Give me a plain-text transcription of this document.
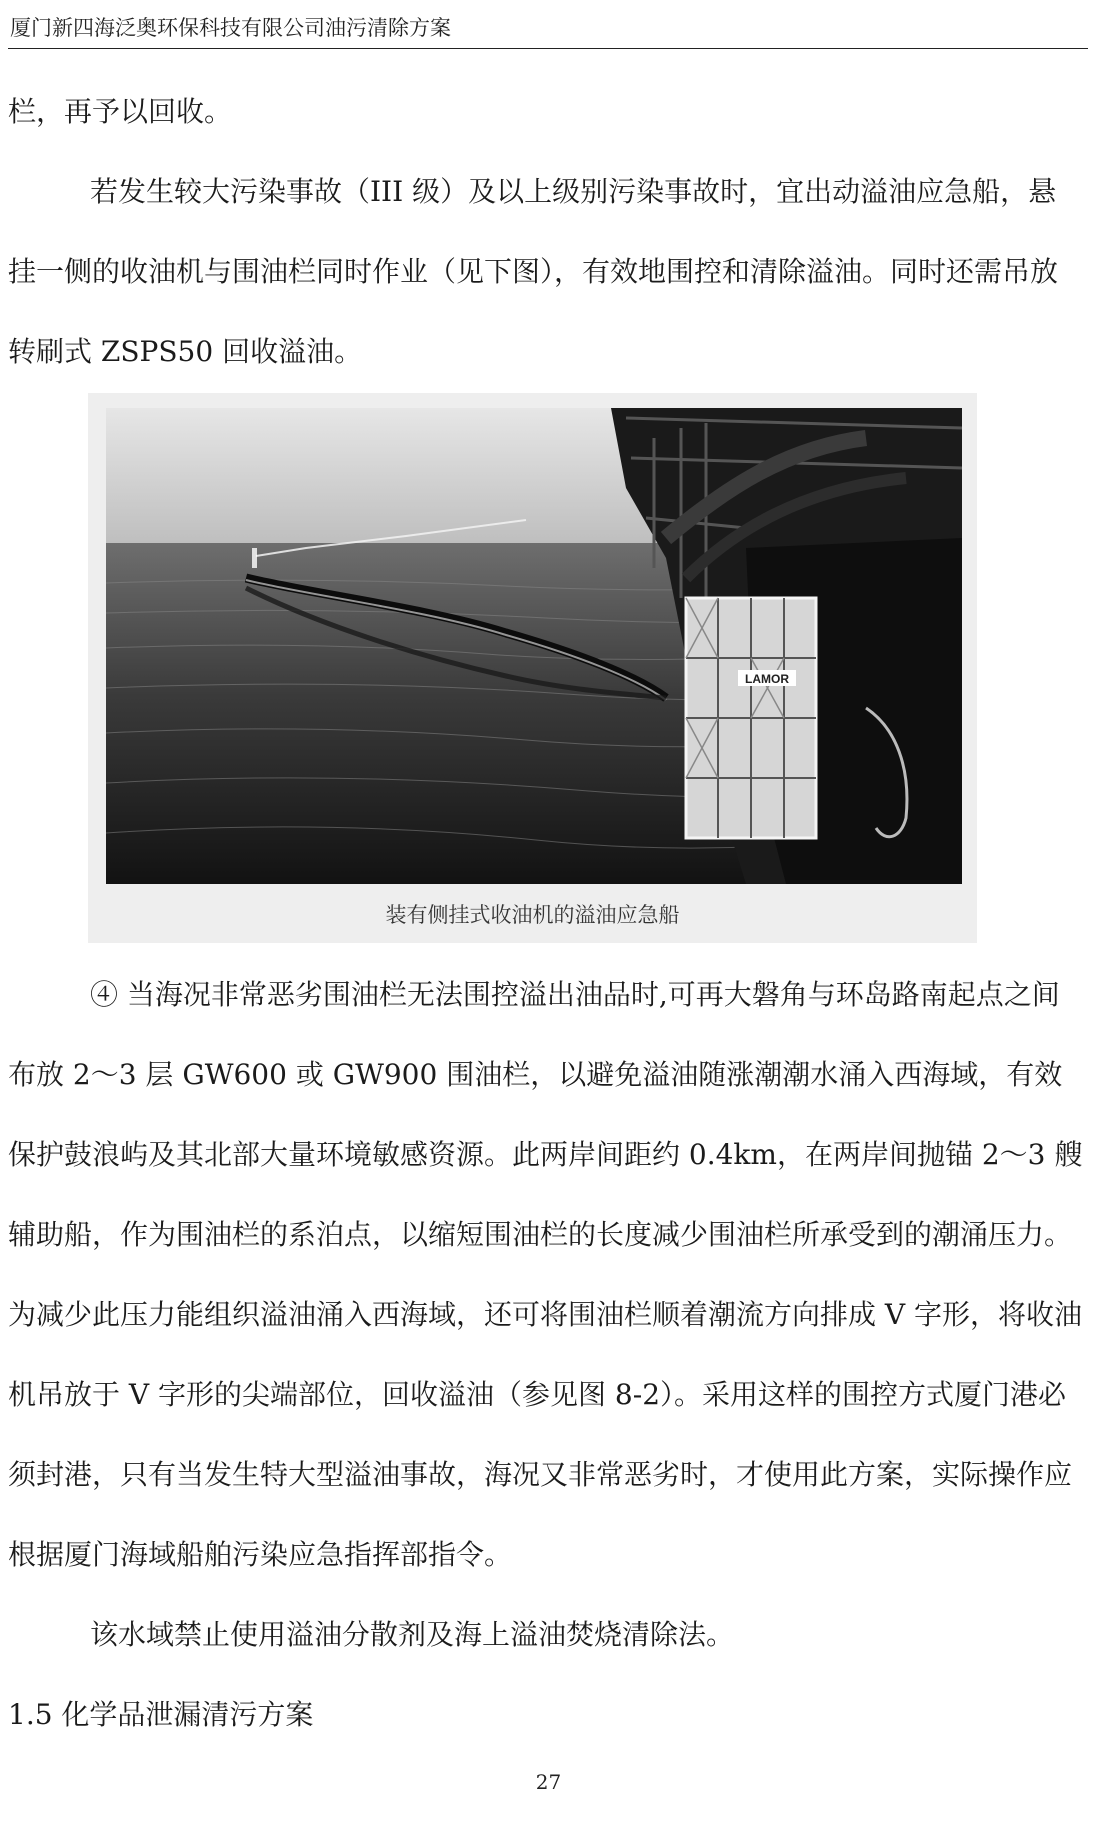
厦门新四海泛奥环保科技有限公司油污清除方案

栏，再予以回收。

若发生较大污染事故（III 级）及以上级别污染事故时，宜出动溢油应急船，悬挂一侧的收油机与围油栏同时作业（见下图），有效地围控和清除溢油。同时还需吊放转刷式 ZSPS50 回收溢油。

LAMOR
装有侧挂式收油机的溢油应急船

④ 当海况非常恶劣围油栏无法围控溢出油品时,可再大磐角与环岛路南起点之间布放 2～3 层 GW600 或 GW900 围油栏，以避免溢油随涨潮潮水涌入西海域，有效保护鼓浪屿及其北部大量环境敏感资源。此两岸间距约 0.4km，在两岸间抛锚 2～3 艘辅助船，作为围油栏的系泊点，以缩短围油栏的长度减少围油栏所承受到的潮涌压力。为减少此压力能组织溢油涌入西海域，还可将围油栏顺着潮流方向排成 V 字形，将收油机吊放于 V 字形的尖端部位，回收溢油（参见图 8-2）。采用这样的围控方式厦门港必须封港，只有当发生特大型溢油事故，海况又非常恶劣时，才使用此方案，实际操作应根据厦门海域船舶污染应急指挥部指令。

该水域禁止使用溢油分散剂及海上溢油焚烧清除法。

1.5 化学品泄漏清污方案

27
